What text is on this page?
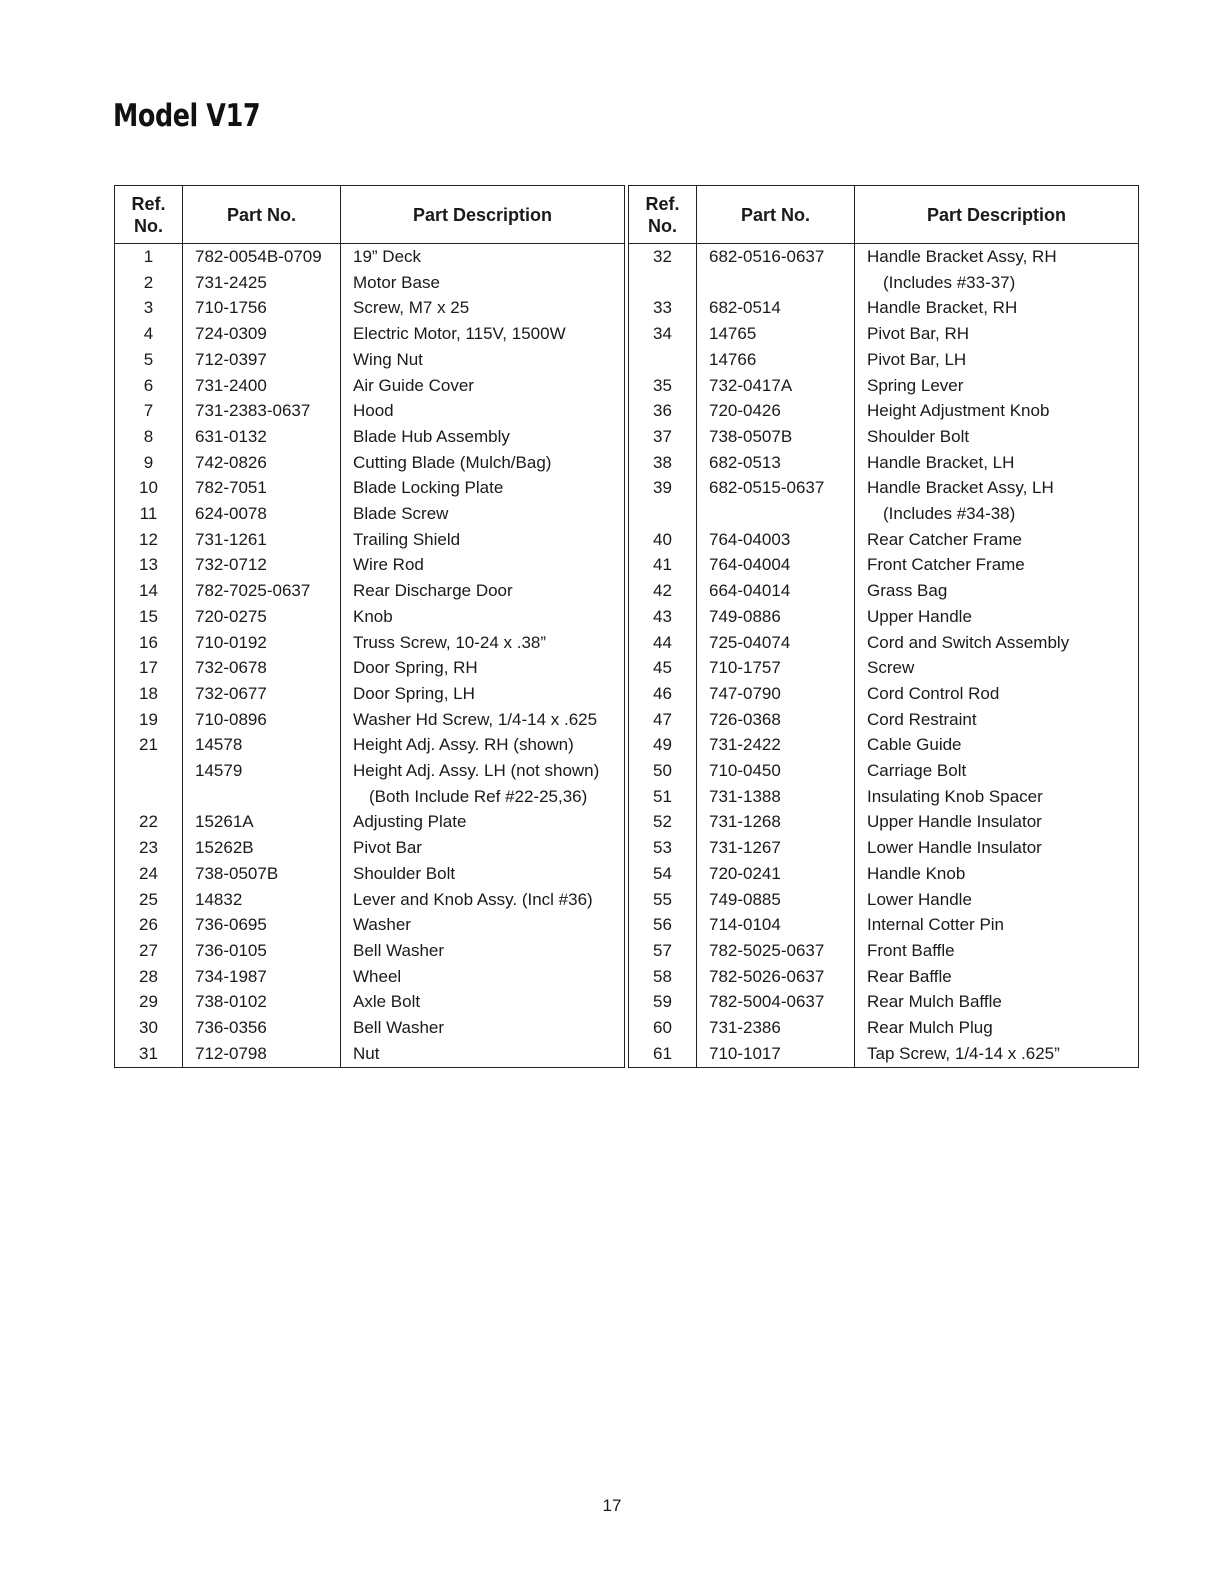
Model V17
Ref.
No.	Part No.	Part Description
1	782-0054B-0709	19” Deck
2	731-2425	Motor Base
3	710-1756	Screw, M7 x 25
4	724-0309	Electric Motor, 115V, 1500W
5	712-0397	Wing Nut
6	731-2400	Air Guide Cover
7	731-2383-0637	Hood
8	631-0132	Blade Hub Assembly
9	742-0826	Cutting Blade (Mulch/Bag)
10	782-7051	Blade Locking Plate
11	624-0078	Blade Screw
12	731-1261	Trailing Shield
13	732-0712	Wire Rod
14	782-7025-0637	Rear Discharge Door
15	720-0275	Knob
16	710-0192	Truss Screw, 10-24 x .38”
17	732-0678	Door Spring, RH
18	732-0677	Door Spring, LH
19	710-0896	Washer Hd Screw, 1/4-14 x .625
21	14578	Height Adj. Assy. RH (shown)
	14579	Height Adj. Assy. LH (not shown)
		(Both Include Ref #22-25,36)
22	15261A	Adjusting Plate
23	15262B	Pivot Bar
24	738-0507B	Shoulder Bolt
25	14832	Lever and Knob Assy. (Incl #36)
26	736-0695	Washer
27	736-0105	Bell Washer
28	734-1987	Wheel
29	738-0102	Axle Bolt
30	736-0356	Bell Washer
31	712-0798	Nut
Ref.
No.	Part No.	Part Description
32	682-0516-0637	Handle Bracket Assy, RH
		(Includes #33-37)
33	682-0514	Handle Bracket, RH
34	14765	Pivot Bar, RH
	14766	Pivot Bar, LH
35	732-0417A	Spring Lever
36	720-0426	Height Adjustment Knob
37	738-0507B	Shoulder Bolt
38	682-0513	Handle Bracket, LH
39	682-0515-0637	Handle Bracket Assy, LH
		(Includes #34-38)
40	764-04003	Rear Catcher Frame
41	764-04004	Front Catcher Frame
42	664-04014	Grass Bag
43	749-0886	Upper Handle
44	725-04074	Cord and Switch Assembly
45	710-1757	Screw
46	747-0790	Cord Control Rod
47	726-0368	Cord Restraint
49	731-2422	Cable Guide
50	710-0450	Carriage Bolt
51	731-1388	Insulating Knob Spacer
52	731-1268	Upper Handle Insulator
53	731-1267	Lower Handle Insulator
54	720-0241	Handle Knob
55	749-0885	Lower Handle
56	714-0104	Internal Cotter Pin
57	782-5025-0637	Front Baffle
58	782-5026-0637	Rear Baffle
59	782-5004-0637	Rear Mulch Baffle
60	731-2386	Rear Mulch Plug
61	710-1017	Tap Screw, 1/4-14 x .625”
17
